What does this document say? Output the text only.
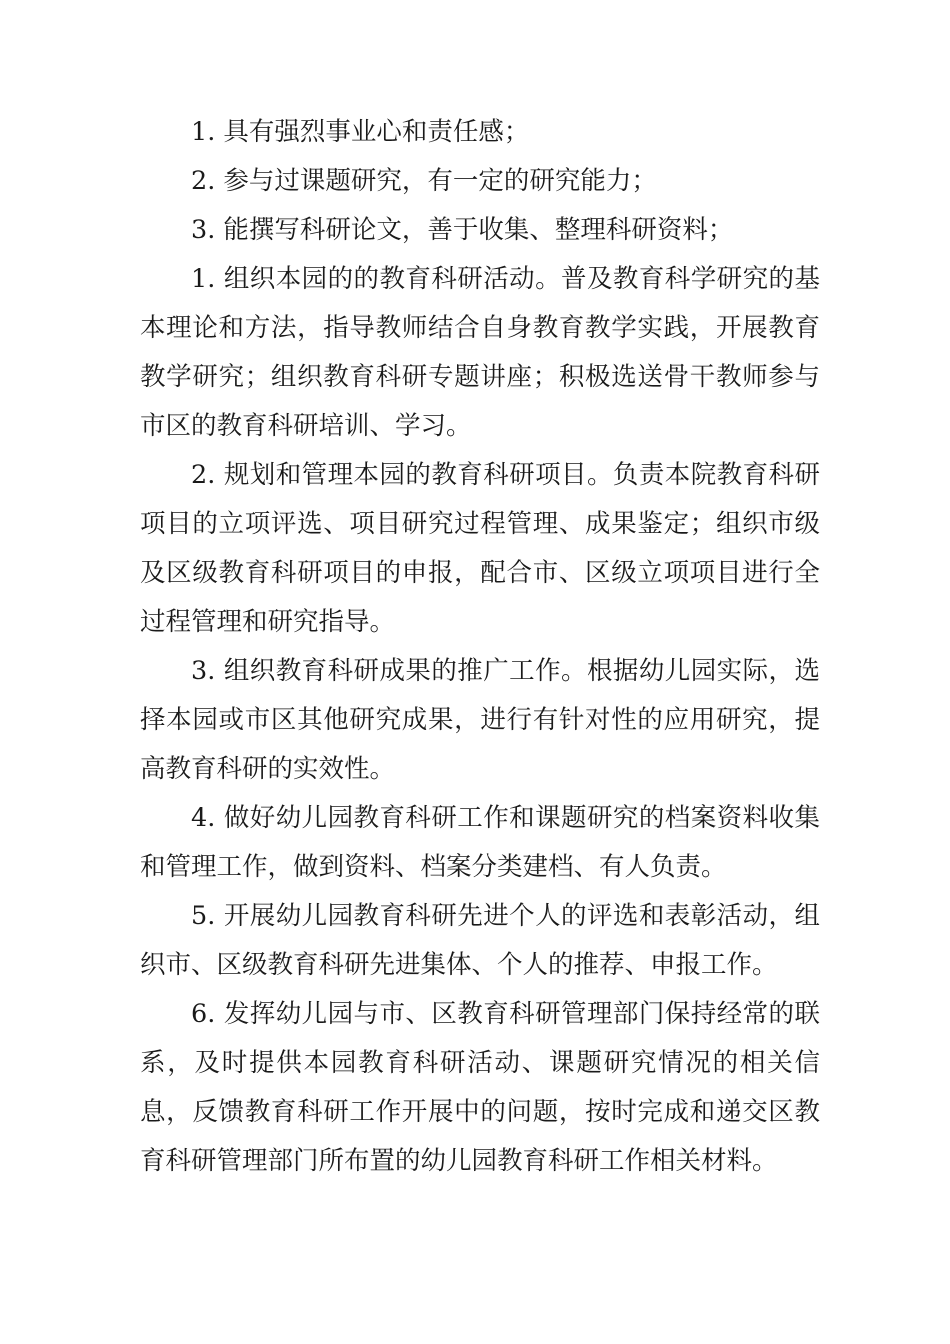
1. 具有强烈事业心和责任感；

2. 参与过课题研究，有一定的研究能力；

3. 能撰写科研论文，善于收集、整理科研资料；

1. 组织本园的的教育科研活动。普及教育科学研究的基本理论和方法，指导教师结合自身教育教学实践，开展教育教学研究；组织教育科研专题讲座；积极选送骨干教师参与市区的教育科研培训、学习。

2. 规划和管理本园的教育科研项目。负责本院教育科研项目的立项评选、项目研究过程管理、成果鉴定；组织市级及区级教育科研项目的申报，配合市、区级立项项目进行全过程管理和研究指导。

3. 组织教育科研成果的推广工作。根据幼儿园实际，选择本园或市区其他研究成果，进行有针对性的应用研究，提高教育科研的实效性。

4. 做好幼儿园教育科研工作和课题研究的档案资料收集和管理工作，做到资料、档案分类建档、有人负责。

5. 开展幼儿园教育科研先进个人的评选和表彰活动，组织市、区级教育科研先进集体、个人的推荐、申报工作。

6. 发挥幼儿园与市、区教育科研管理部门保持经常的联系，及时提供本园教育科研活动、课题研究情况的相关信息，反馈教育科研工作开展中的问题，按时完成和递交区教育科研管理部门所布置的幼儿园教育科研工作相关材料。
